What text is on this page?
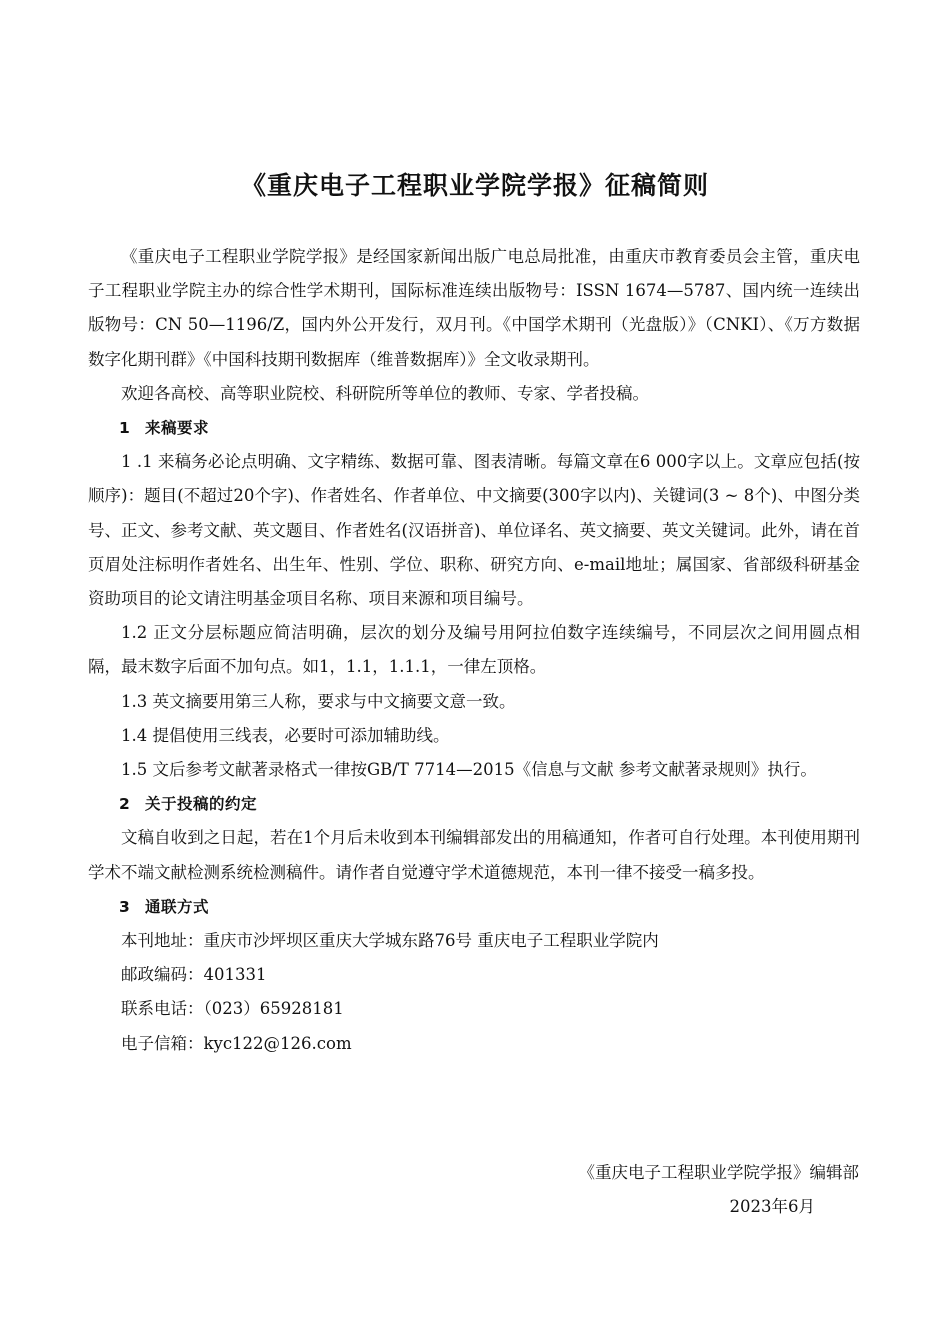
《重庆电子工程职业学院学报》征稿简则

《重庆电子工程职业学院学报》是经国家新闻出版广电总局批准，由重庆市教育委员会主管，重庆电子工程职业学院主办的综合性学术期刊，国际标准连续出版物号：ISSN 1674—5787、国内统一连续出版物号：CN 50—1196/Z，国内外公开发行，双月刊。《中国学术期刊（光盘版）》（CNKI）、《万方数据数字化期刊群》《中国科技期刊数据库（维普数据库）》全文收录期刊。

欢迎各高校、高等职业院校、科研院所等单位的教师、专家、学者投稿。

1 来稿要求

1 .1 来稿务必论点明确、文字精练、数据可靠、图表清晰。每篇文章在6 000字以上。文章应包括(按顺序)：题目(不超过20个字)、作者姓名、作者单位、中文摘要(300字以内)、关键词(3 ~ 8个)、中图分类号、正文、参考文献、英文题目、作者姓名(汉语拼音)、单位译名、英文摘要、英文关键词。此外，请在首页眉处注标明作者姓名、出生年、性别、学位、职称、研究方向、e-mail地址；属国家、省部级科研基金资助项目的论文请注明基金项目名称、项目来源和项目编号。

1.2 正文分层标题应简洁明确，层次的划分及编号用阿拉伯数字连续编号，不同层次之间用圆点相隔，最末数字后面不加句点。如1，1.1，1.1.1，一律左顶格。

1.3 英文摘要用第三人称，要求与中文摘要文意一致。

1.4 提倡使用三线表，必要时可添加辅助线。

1.5 文后参考文献著录格式一律按GB/T 7714—2015《信息与文献 参考文献著录规则》执行。

2 关于投稿的约定

文稿自收到之日起，若在1个月后未收到本刊编辑部发出的用稿通知，作者可自行处理。本刊使用期刊学术不端文献检测系统检测稿件。请作者自觉遵守学术道德规范，本刊一律不接受一稿多投。

3 通联方式

本刊地址：重庆市沙坪坝区重庆大学城东路76号 重庆电子工程职业学院内

邮政编码：401331

联系电话：（023）65928181

电子信箱：kyc122@126.com

《重庆电子工程职业学院学报》编辑部
2023年6月
